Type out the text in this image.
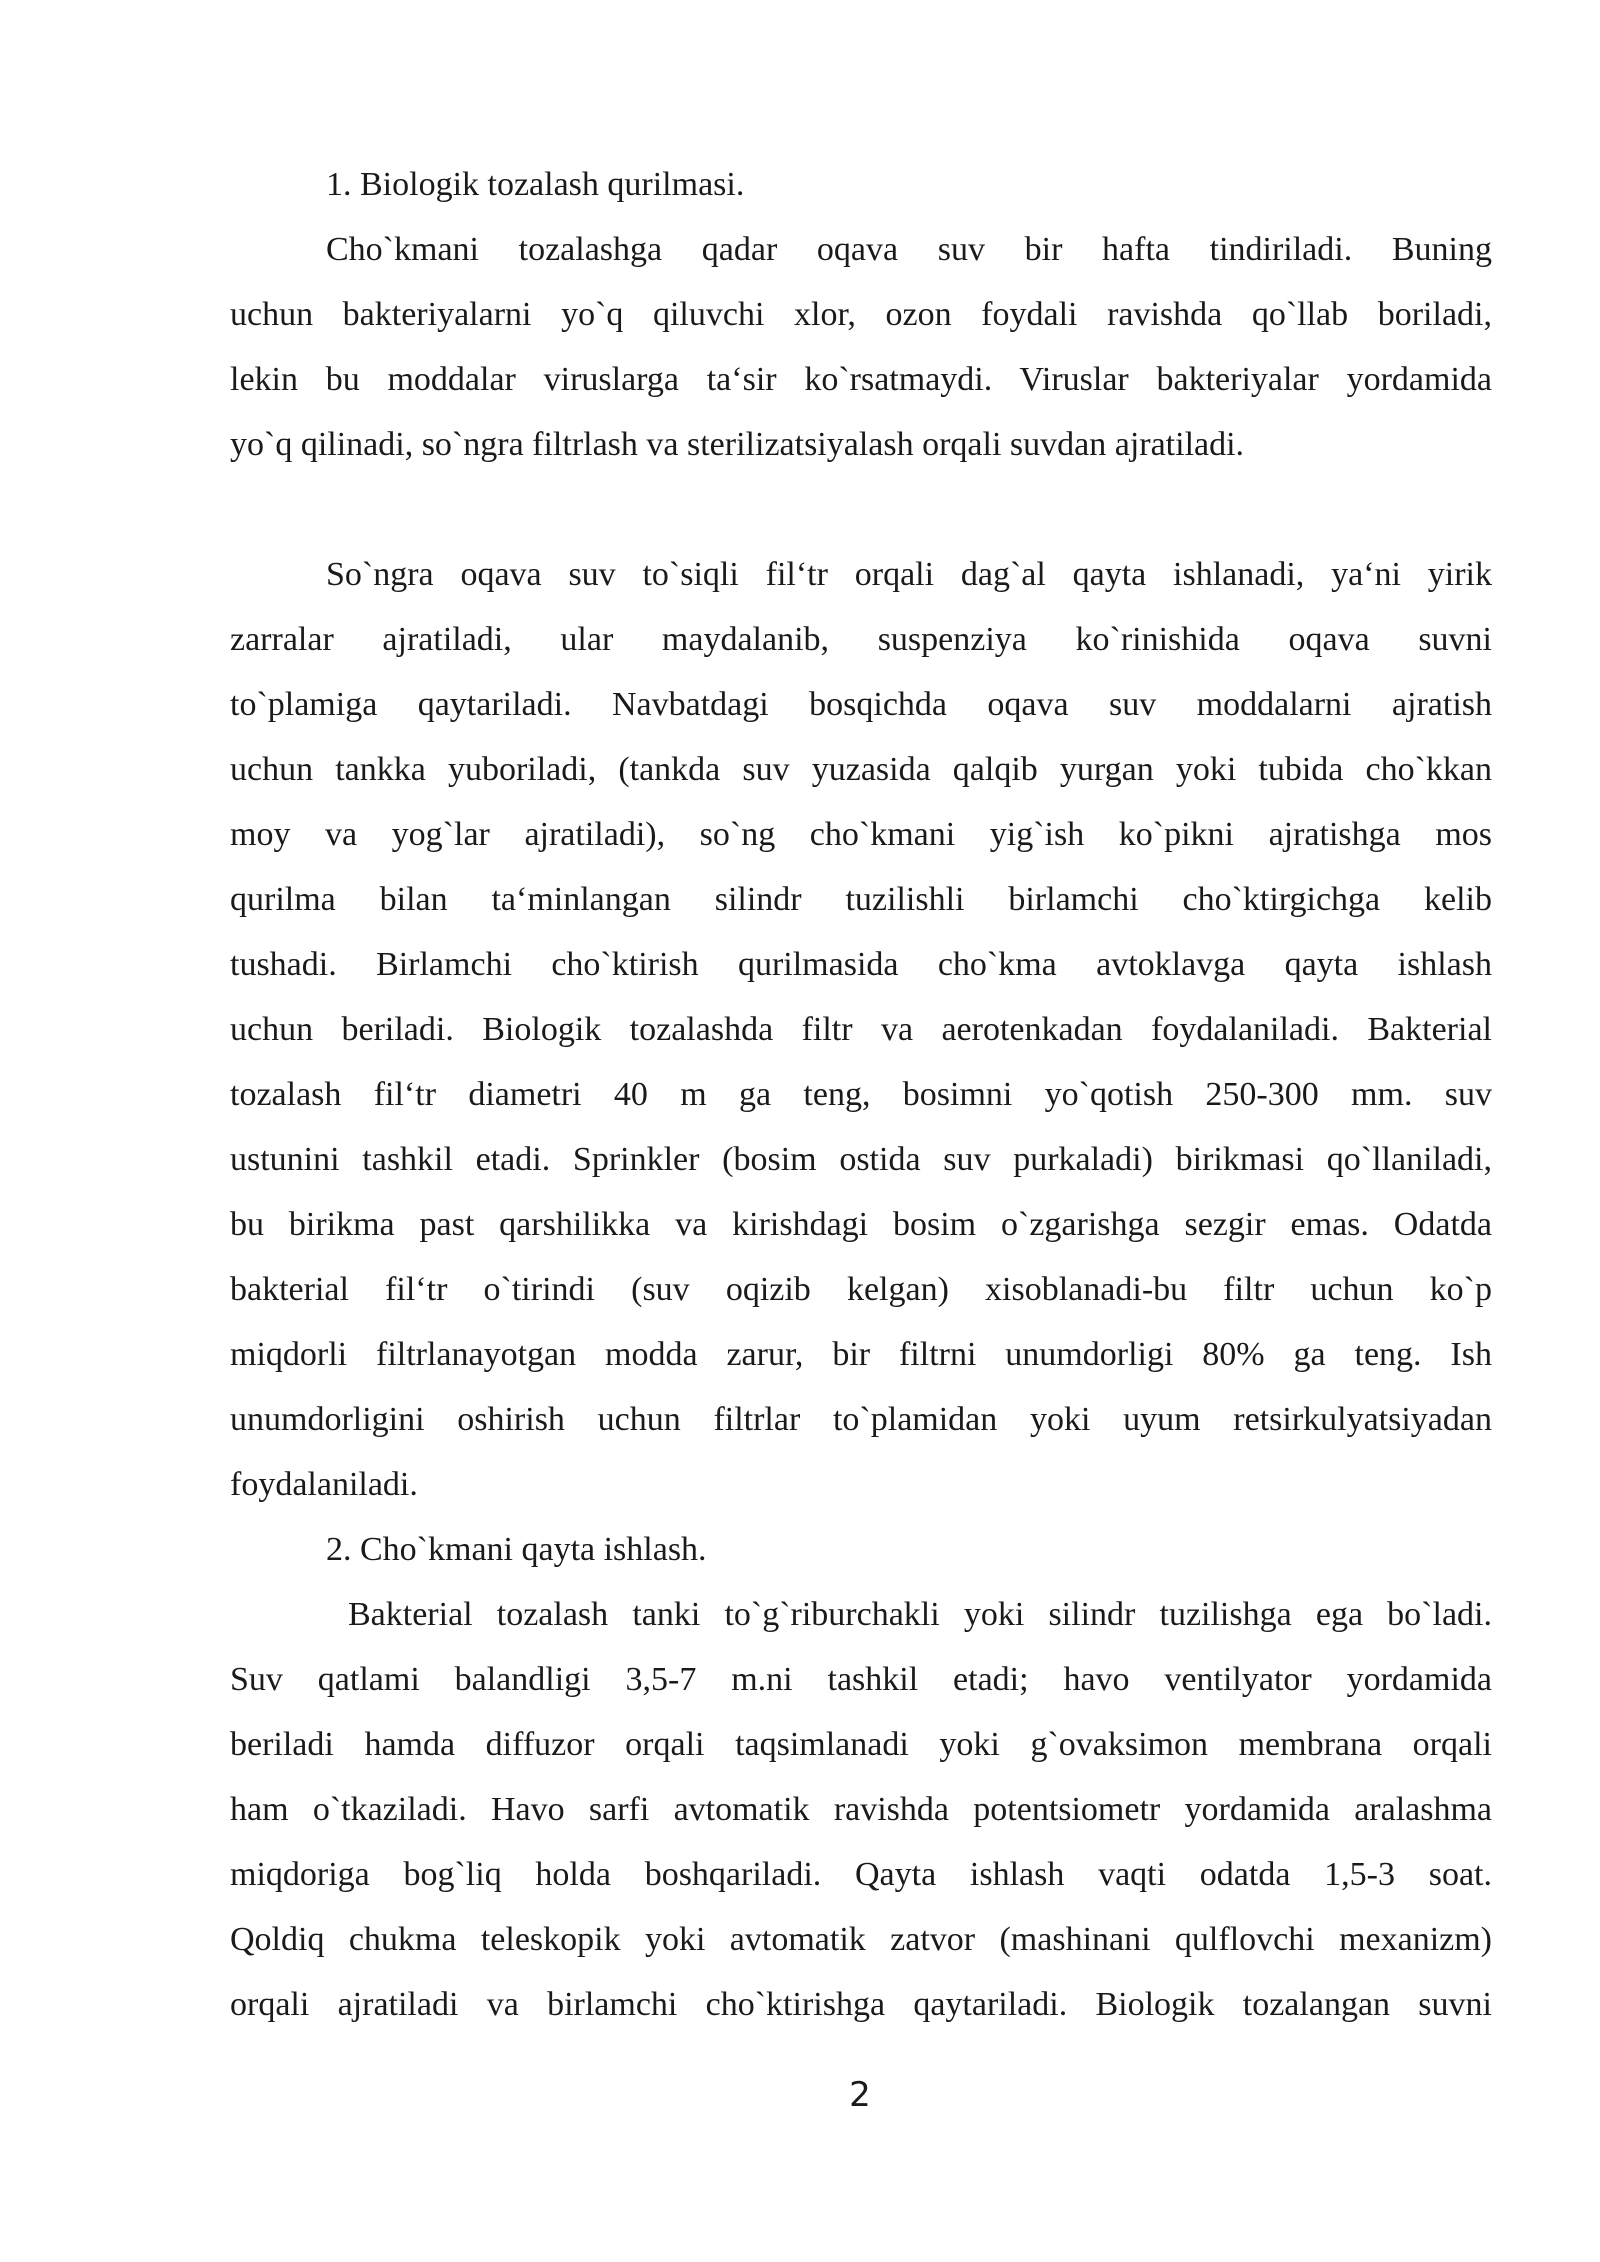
1. Biologik tozalash qurilmasi.
Cho`kmani tozalashga qadar oqava suv bir hafta tindiriladi. Buning
uchun bakteriyalarni yo`q qiluvchi xlor, ozon foydali ravishda qo`llab boriladi,
lekin bu moddalar viruslarga ta‘sir ko`rsatmaydi. Viruslar bakteriyalar yordamida
yo`q qilinadi, so`ngra filtrlash va sterilizatsiyalash orqali suvdan ajratiladi.
So`ngra oqava suv to`siqli fil‘tr orqali dag`al qayta ishlanadi, ya‘ni yirik
zarralar ajratiladi, ular maydalanib, suspenziya ko`rinishida oqava suvni
to`plamiga qaytariladi. Navbatdagi bosqichda oqava suv moddalarni ajratish
uchun tankka yuboriladi, (tankda suv yuzasida qalqib yurgan yoki tubida cho`kkan
moy va yog`lar ajratiladi), so`ng cho`kmani yig`ish ko`pikni ajratishga mos
qurilma bilan ta‘minlangan silindr tuzilishli birlamchi cho`ktirgichga kelib
tushadi. Birlamchi cho`ktirish qurilmasida cho`kma avtoklavga qayta ishlash
uchun beriladi. Biologik tozalashda filtr va aerotenkadan foydalaniladi. Bakterial
tozalash fil‘tr diametri 40 m ga teng, bosimni yo`qotish 250-300 mm. suv
ustunini tashkil etadi. Sprinkler (bosim ostida suv purkaladi) birikmasi qo`llaniladi,
bu birikma past qarshilikka va kirishdagi bosim o`zgarishga sezgir emas. Odatda
bakterial fil‘tr o`tirindi (suv oqizib kelgan) xisoblanadi-bu filtr uchun ko`p
miqdorli filtrlanayotgan modda zarur, bir filtrni unumdorligi 80% ga teng. Ish
unumdorligini oshirish uchun filtrlar to`plamidan yoki uyum retsirkulyatsiyadan
foydalaniladi.
2. Cho`kmani qayta ishlash.
Bakterial tozalash tanki to`g`riburchakli yoki silindr tuzilishga ega bo`ladi.
Suv qatlami balandligi 3,5-7 m.ni tashkil etadi; havo ventilyator yordamida
beriladi hamda diffuzor orqali taqsimlanadi yoki g`ovaksimon membrana orqali
ham o`tkaziladi. Havo sarfi avtomatik ravishda potentsiometr yordamida aralashma
miqdoriga bog`liq holda boshqariladi. Qayta ishlash vaqti odatda 1,5-3 soat.
Qoldiq chukma teleskopik yoki avtomatik zatvor (mashinani qulflovchi mexanizm)
orqali ajratiladi va birlamchi cho`ktirishga qaytariladi. Biologik tozalangan suvni
2
